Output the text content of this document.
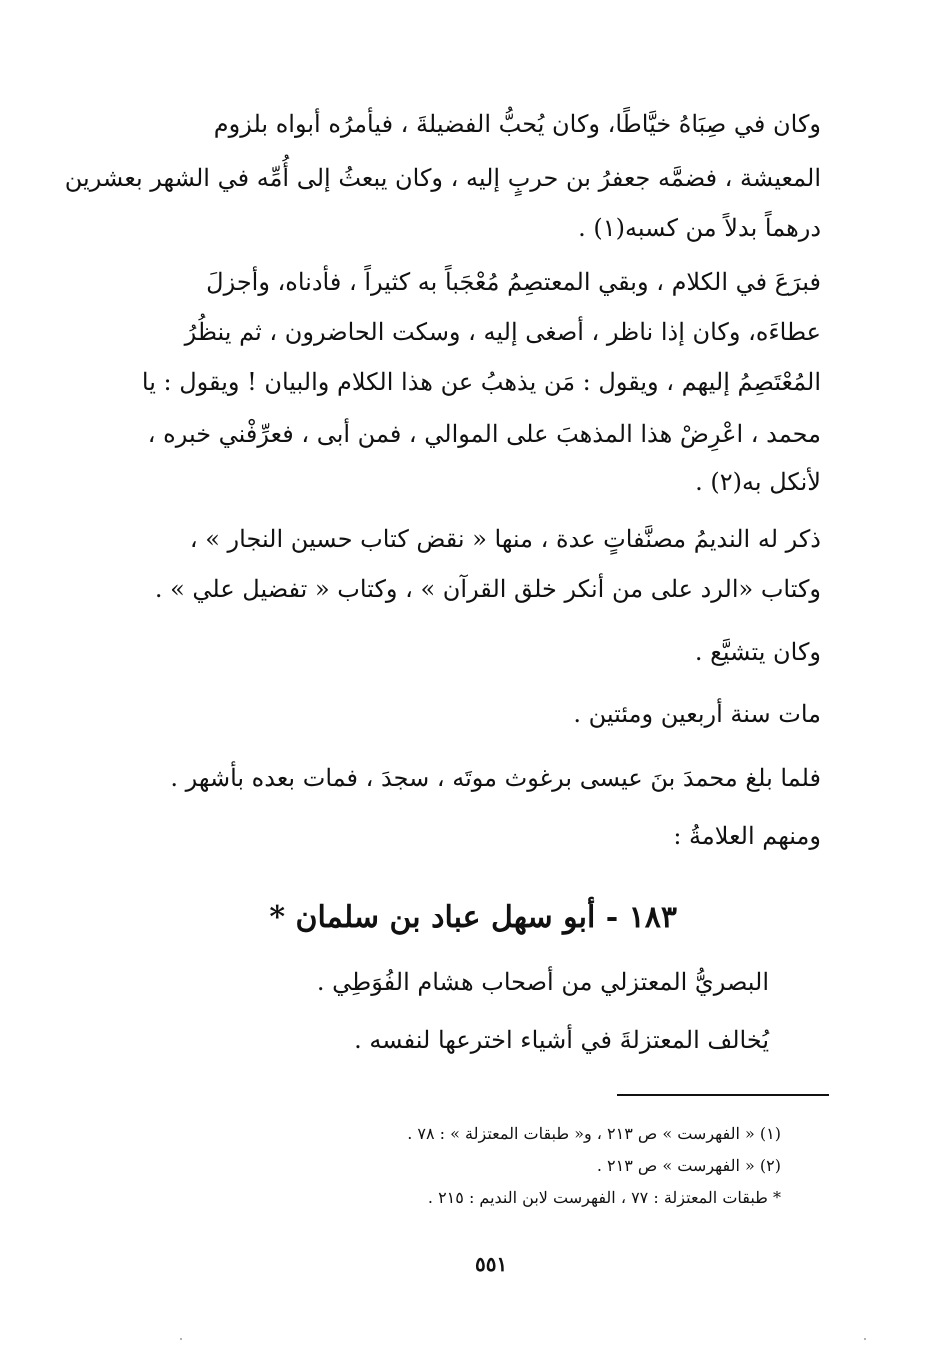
وكان في صِبَاهُ خيَّاطًا، وكان يُحبُّ الفضيلةَ ، فيأمرُه أبواه بلزوم
المعيشة ، فضمَّه جعفرُ بن حربٍ إليه ، وكان يبعثُ إلى أُمِّه في الشهر بعشرين
درهماً بدلاً من كسبه(١) .
فبرَعَ في الكلام ، وبقي المعتصِمُ مُعْجَباً به كثيراً ، فأدناه، وأجزلَ
عطاءَه، وكان إذا ناظر ، أصغى إليه ، وسكت الحاضرون ، ثم ينظُرُ
المُعْتَصِمُ إليهم ، ويقول : مَن يذهبُ عن هذا الكلام والبيان ! ويقول : يا
محمد ، اعْرِضْ هذا المذهبَ على الموالي ، فمن أبى ، فعرِّفْني خبره ،
لأنكل به(٢) .
ذكر له النديمُ مصنَّفاتٍ عدة ، منها « نقض كتاب حسين النجار » ،
وكتاب «الرد على من أنكر خلق القرآن » ، وكتاب « تفضيل علي » .
وكان يتشيَّع .
مات سنة أربعين ومئتين .
فلما بلغ محمدَ بنَ عيسى برغوث موتَه ، سجدَ ، فمات بعده بأشهر .
ومنهم العلامةُ :
١٨٣ - أبو سهل عباد بن سلمان *
البصريُّ المعتزلي من أصحاب هشام الفُوَطِي .
يُخالف المعتزلةَ في أشياء اخترعها لنفسه .
(١) « الفهرست » ص ٢١٣ ، و« طبقات المعتزلة » : ٧٨ .
(٢) « الفهرست » ص ٢١٣ .
* طبقات المعتزلة : ٧٧ ، الفهرست لابن النديم : ٢١٥ .
٥٥١
